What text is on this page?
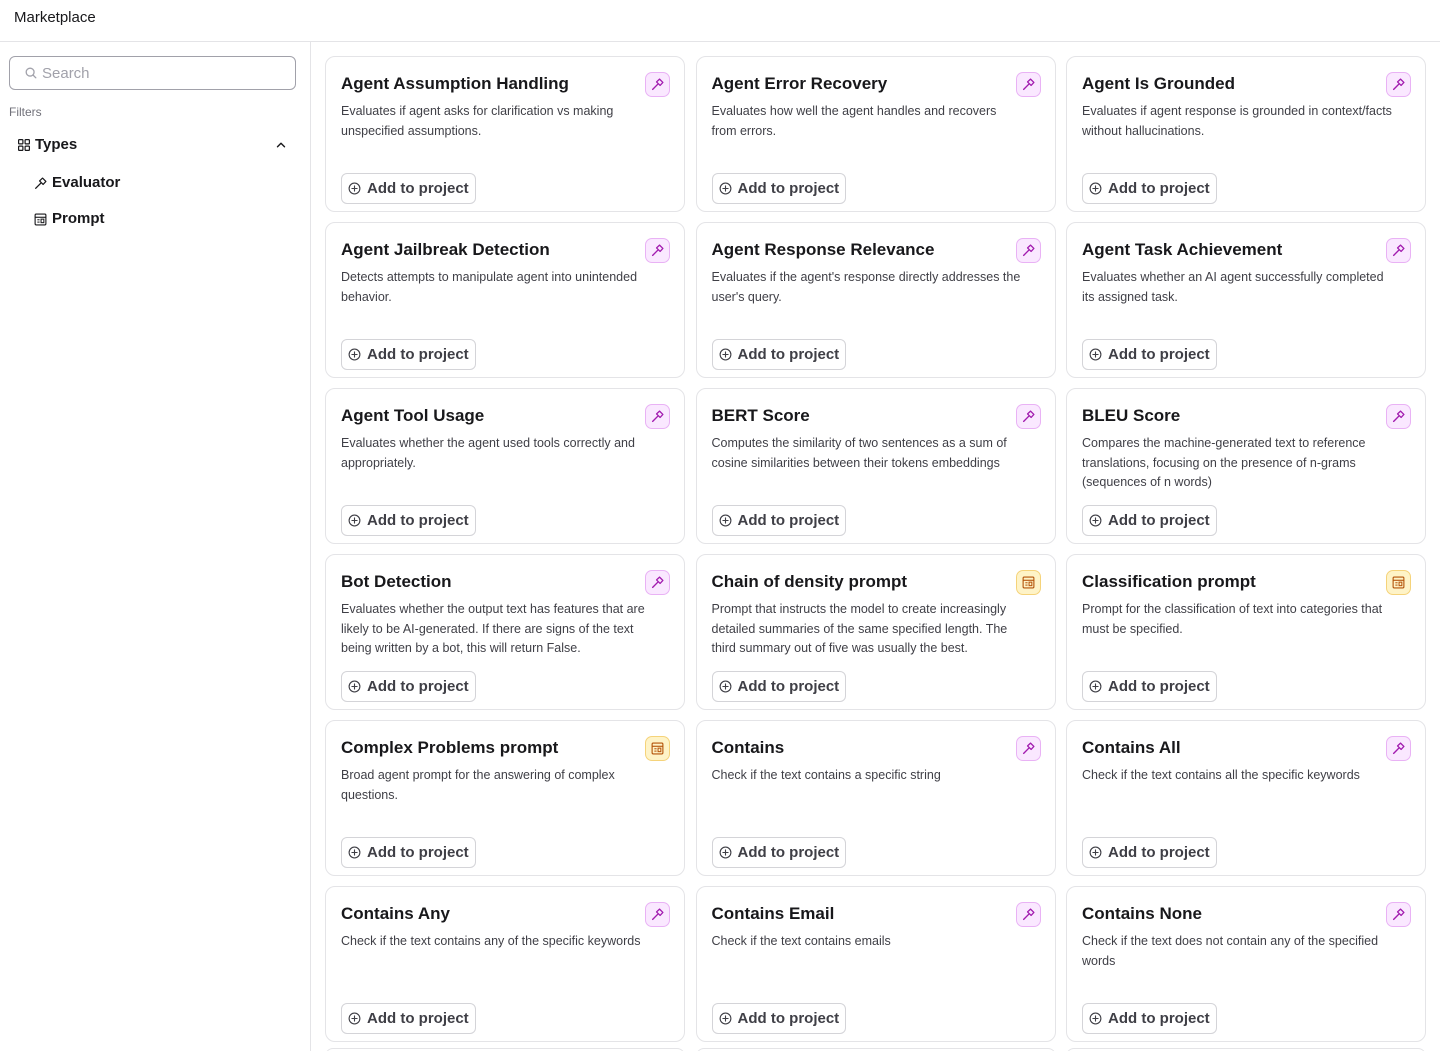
Marketplace
Search
Filters
Types
Evaluator
Prompt
Agent Assumption Handling
Evaluates if agent asks for clarification vs making unspecified assumptions.
Add to project
Agent Error Recovery
Evaluates how well the agent handles and recovers from errors.
Add to project
Agent Is Grounded
Evaluates if agent response is grounded in context/facts without hallucinations.
Add to project
Agent Jailbreak Detection
Detects attempts to manipulate agent into unintended behavior.
Add to project
Agent Response Relevance
Evaluates if the agent's response directly addresses the user's query.
Add to project
Agent Task Achievement
Evaluates whether an AI agent successfully completed its assigned task.
Add to project
Agent Tool Usage
Evaluates whether the agent used tools correctly and appropriately.
Add to project
BERT Score
Computes the similarity of two sentences as a sum of cosine similarities between their tokens embeddings
Add to project
BLEU Score
Compares the machine-generated text to reference translations, focusing on the presence of n-grams (sequences of n words)
Add to project
Bot Detection
Evaluates whether the output text has features that are likely to be AI-generated. If there are signs of the text being written by a bot, this will return False.
Add to project
Chain of density prompt
Prompt that instructs the model to create increasingly detailed summaries of the same specified length. The third summary out of five was usually the best.
Add to project
Classification prompt
Prompt for the classification of text into categories that must be specified.
Add to project
Complex Problems prompt
Broad agent prompt for the answering of complex questions.
Add to project
Contains
Check if the text contains a specific string
Add to project
Contains All
Check if the text contains all the specific keywords
Add to project
Contains Any
Check if the text contains any of the specific keywords
Add to project
Contains Email
Check if the text contains emails
Add to project
Contains None
Check if the text does not contain any of the specified words
Add to project
